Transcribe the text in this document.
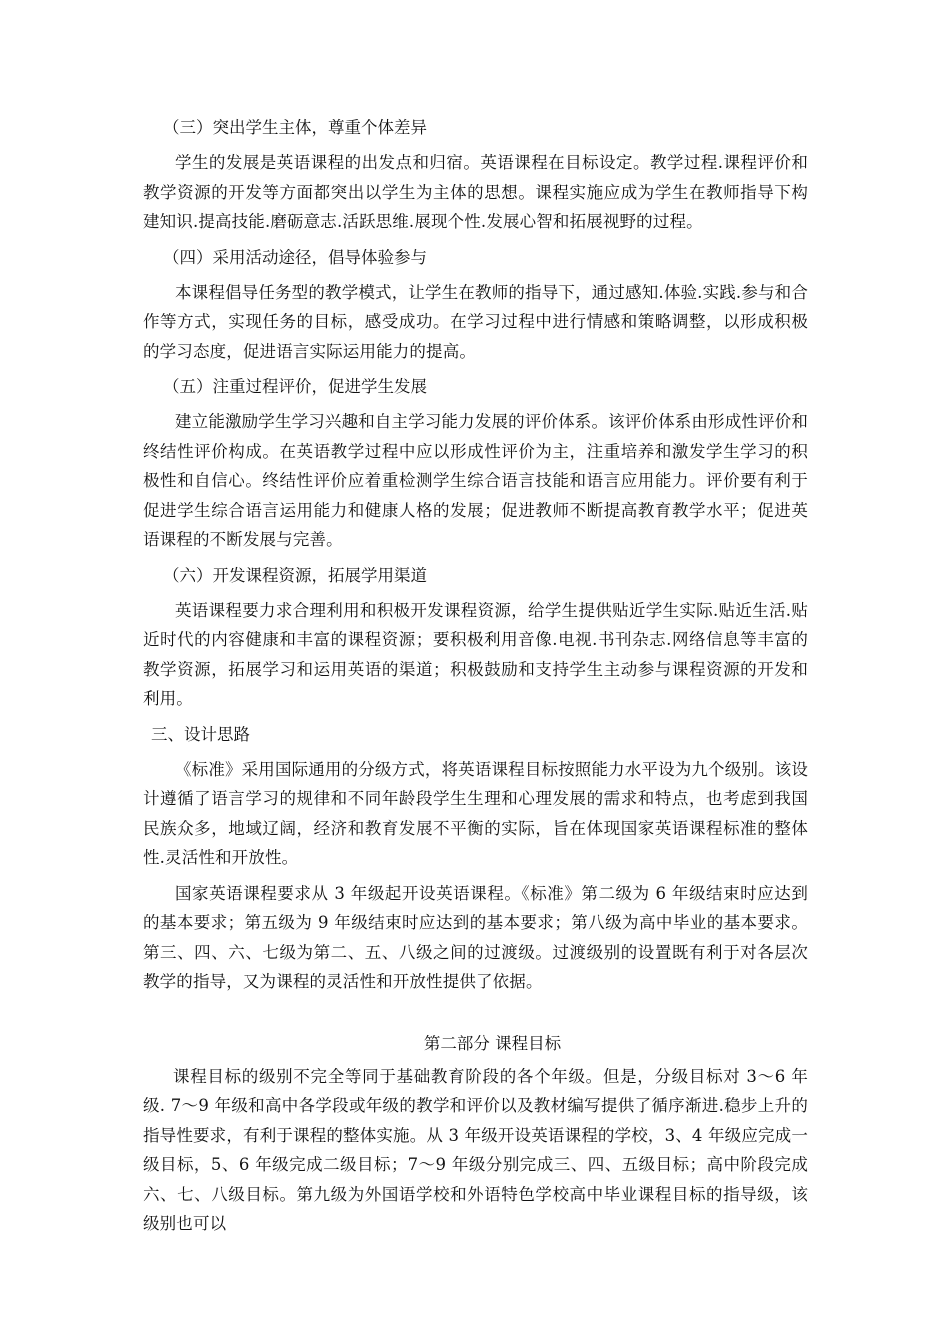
（三）突出学生主体，尊重个体差异

学生的发展是英语课程的出发点和归宿。英语课程在目标设定。教学过程.课程评价和教学资源的开发等方面都突出以学生为主体的思想。课程实施应成为学生在教师指导下构建知识.提高技能.磨砺意志.活跃思维.展现个性.发展心智和拓展视野的过程。

（四）采用活动途径，倡导体验参与

本课程倡导任务型的教学模式，让学生在教师的指导下，通过感知.体验.实践.参与和合作等方式，实现任务的目标，感受成功。在学习过程中进行情感和策略调整，以形成积极的学习态度，促进语言实际运用能力的提高。

（五）注重过程评价，促进学生发展

建立能激励学生学习兴趣和自主学习能力发展的评价体系。该评价体系由形成性评价和终结性评价构成。在英语教学过程中应以形成性评价为主，注重培养和激发学生学习的积极性和自信心。终结性评价应着重检测学生综合语言技能和语言应用能力。评价要有利于促进学生综合语言运用能力和健康人格的发展；促进教师不断提高教育教学水平；促进英语课程的不断发展与完善。

（六）开发课程资源，拓展学用渠道

英语课程要力求合理利用和积极开发课程资源，给学生提供贴近学生实际.贴近生活.贴近时代的内容健康和丰富的课程资源；要积极利用音像.电视.书刊杂志.网络信息等丰富的教学资源，拓展学习和运用英语的渠道；积极鼓励和支持学生主动参与课程资源的开发和利用。

三、设计思路

《标准》采用国际通用的分级方式，将英语课程目标按照能力水平设为九个级别。该设计遵循了语言学习的规律和不同年龄段学生生理和心理发展的需求和特点，也考虑到我国民族众多，地域辽阔，经济和教育发展不平衡的实际，旨在体现国家英语课程标准的整体性.灵活性和开放性。

国家英语课程要求从 3 年级起开设英语课程。《标准》第二级为 6 年级结束时应达到的基本要求；第五级为 9 年级结束时应达到的基本要求；第八级为高中毕业的基本要求。第三、四、六、七级为第二、五、八级之间的过渡级。过渡级别的设置既有利于对各层次教学的指导，又为课程的灵活性和开放性提供了依据。

第二部分 课程目标

课程目标的级别不完全等同于基础教育阶段的各个年级。但是，分级目标对 3～6 年级. 7～9 年级和高中各学段或年级的教学和评价以及教材编写提供了循序渐进.稳步上升的指导性要求，有利于课程的整体实施。从 3 年级开设英语课程的学校，3、4 年级应完成一级目标，5、6 年级完成二级目标；7～9 年级分别完成三、四、五级目标；高中阶段完成六、七、八级目标。第九级为外国语学校和外语特色学校高中毕业课程目标的指导级，该级别也可以
